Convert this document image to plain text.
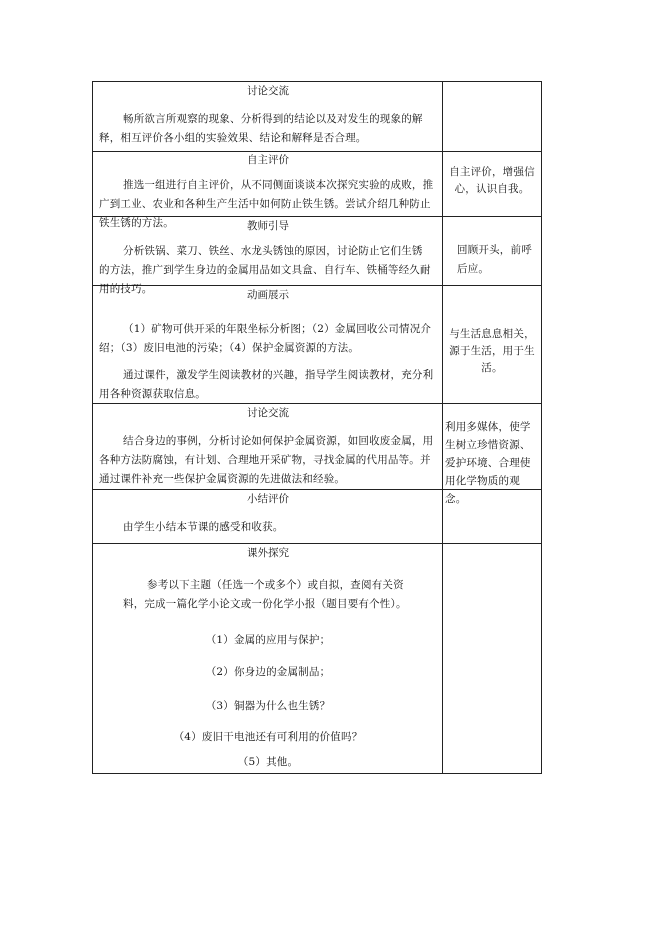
讨论交流
畅所欲言所观察的现象、分析得到的结论以及对发生的现象的解释，相互评价各小组的实验效果、结论和解释是否合理。
自主评价
推选一组进行自主评价，从不同侧面谈谈本次探究实验的成败，推广到工业、农业和各种生产生活中如何防止铁生锈。尝试介绍几种防止铁生锈的方法。
自主评价，增强信心，认识自我。
教师引导
分析铁锅、菜刀、铁丝、水龙头锈蚀的原因，讨论防止它们生锈的方法，推广到学生身边的金属用品如文具盒、自行车、铁桶等经久耐用的技巧。
回顾开头，前呼后应。
动画展示
（1）矿物可供开采的年限坐标分析图；（2）金属回收公司情况介绍；（3）废旧电池的污染；（4）保护金属资源的方法。
通过课件，激发学生阅读教材的兴趣，指导学生阅读教材，充分利用各种资源获取信息。
与生活息息相关，源于生活，用于生活。
讨论交流
结合身边的事例，分析讨论如何保护金属资源，如回收废金属，用各种方法防腐蚀，有计划、合理地开采矿物，寻找金属的代用品等。并通过课件补充一些保护金属资源的先进做法和经验。
利用多媒体，使学生树立珍惜资源、爱护环境、合理使用化学物质的观念。
小结评价
由学生小结本节课的感受和收获。
课外探究
参考以下主题（任选一个或多个）或自拟，查阅有关资料，完成一篇化学小论文或一份化学小报（题目要有个性）。
（1）金属的应用与保护；
（2）你身边的金属制品；
（3）铜器为什么也生锈？
（4）废旧干电池还有可利用的价值吗？
（5）其他。
